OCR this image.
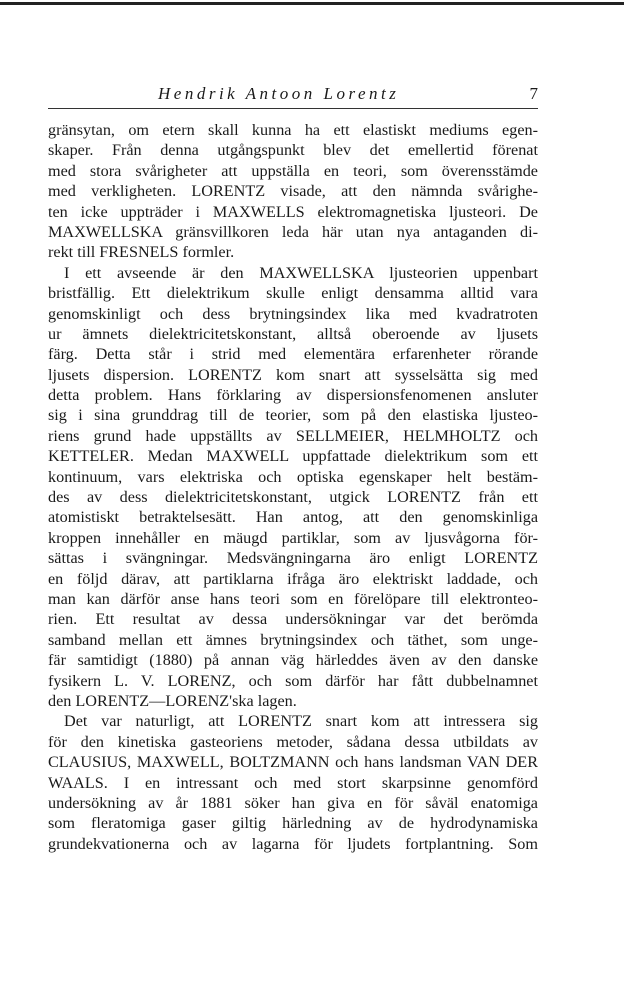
Hendrik Antoon Lorentz	7
gränsytan, om etern skall kunna ha ett elastiskt mediums egen-
skaper. Från denna utgångspunkt blev det emellertid förenat
med stora svårigheter att uppställa en teori, som överensstämde
med verkligheten. LORENTZ visade, att den nämnda svårighe-
ten icke uppträder i MAXWELLS elektromagnetiska ljusteori. De
MAXWELLSKA gränsvillkoren leda här utan nya antaganden di-
rekt till FRESNELS formler.
I ett avseende är den MAXWELLSKA ljusteorien uppenbart
bristfällig. Ett dielektrikum skulle enligt densamma alltid vara
genomskinligt och dess brytningsindex lika med kvadratroten
ur ämnets dielektricitetskonstant, alltså oberoende av ljusets
färg. Detta står i strid med elementära erfarenheter rörande
ljusets dispersion. LORENTZ kom snart att sysselsätta sig med
detta problem. Hans förklaring av dispersionsfenomenen ansluter
sig i sina grunddrag till de teorier, som på den elastiska ljusteo-
riens grund hade uppställts av SELLMEIER, HELMHOLTZ och
KETTELER. Medan MAXWELL uppfattade dielektrikum som ett
kontinuum, vars elektriska och optiska egenskaper helt bestäm-
des av dess dielektricitetskonstant, utgick LORENTZ från ett
atomistiskt betraktelsesätt. Han antog, att den genomskinliga
kroppen innehåller en mäugd partiklar, som av ljusvågorna för-
sättas i svängningar. Medsvängningarna äro enligt LORENTZ
en följd därav, att partiklarna ifråga äro elektriskt laddade, och
man kan därför anse hans teori som en förelöpare till elektronteo-
rien. Ett resultat av dessa undersökningar var det berömda
samband mellan ett ämnes brytningsindex och täthet, som unge-
fär samtidigt (1880) på annan väg härleddes även av den danske
fysikern L. V. LORENZ, och som därför har fått dubbelnamnet
den LORENTZ—LORENZ'ska lagen.
Det var naturligt, att LORENTZ snart kom att intressera sig
för den kinetiska gasteoriens metoder, sådana dessa utbildats av
CLAUSIUS, MAXWELL, BOLTZMANN och hans landsman VAN DER
WAALS. I en intressant och med stort skarpsinne genomförd
undersökning av år 1881 söker han giva en för såväl enatomiga
som fleratomiga gaser giltig härledning av de hydrodynamiska
grundekvationerna och av lagarna för ljudets fortplantning. Som
